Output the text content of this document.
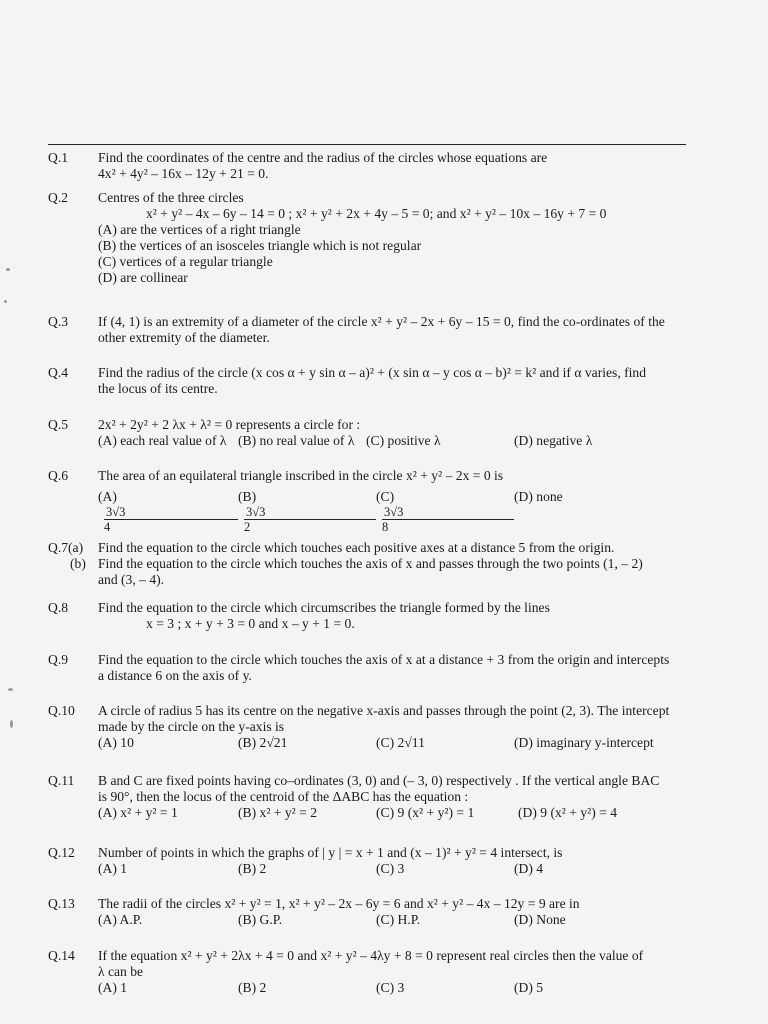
Q.1	Find the coordinates of the centre and the radius of the circles whose equations are
4x² + 4y² – 16x – 12y + 21 = 0.
Q.2	Centres of the three circles
x² + y² – 4x – 6y – 14 = 0 ; x² + y² + 2x + 4y – 5 = 0; and x² + y² – 10x – 16y + 7 = 0
(A) are the vertices of a right triangle
(B) the vertices of an isosceles triangle which is not regular
(C) vertices of a regular triangle
(D) are collinear
Q.3	If (4, 1) is an extremity of a diameter of the circle x² + y² – 2x + 6y – 15 = 0, find the co-ordinates of the
other extremity of the diameter.
Q.4	Find the radius of the circle (x cos α + y sin α – a)² + (x sin α – y cos α – b)² = k² and if α varies, find
the locus of its centre.
Q.5	2x² + 2y² + 2 λx + λ² = 0 represents a circle for :
(A) each real value of λ (B) no real value of λ (C) positive λ	(D) negative λ
Q.6	The area of an equilateral triangle inscribed in the circle x² + y² – 2x = 0 is
(A)
3√3
4
(B)
3√3
2
(C)
3√3
8
(D) none
Q.7(a)	Find the equation to the circle which touches each positive axes at a distance 5 from the origin.
(b) Find the equation to the circle which touches the axis of x and passes through the two points (1, – 2)
and (3, – 4).
Q.8	Find the equation to the circle which circumscribes the triangle formed by the lines
x = 3 ; x + y + 3 = 0 and x – y + 1 = 0.
Q.9	Find the equation to the circle which touches the axis of x at a distance + 3 from the origin and intercepts
a distance 6 on the axis of y.
Q.10	A circle of radius 5 has its centre on the negative x-axis and passes through the point (2, 3). The intercept
made by the circle on the y-axis is
(A) 10	(B) 2√21	(C) 2√11	(D) imaginary y-intercept
Q.11	B and C are fixed points having co–ordinates (3, 0) and (– 3, 0) respectively . If the vertical angle BAC
is 90°, then the locus of the centroid of the ΔABC has the equation :
(A) x² + y² = 1	(B) x² + y² = 2	(C) 9 (x² + y²) = 1	(D) 9 (x² + y²) = 4
Q.12	Number of points in which the graphs of | y | = x + 1 and (x – 1)² + y² = 4 intersect, is
(A) 1	(B) 2	(C) 3	(D) 4
Q.13	The radii of the circles x² + y² = 1, x² + y² – 2x – 6y = 6 and x² + y² – 4x – 12y = 9 are in
(A) A.P.	(B) G.P.	(C) H.P.	(D) None
Q.14	If the equation x² + y² + 2λx + 4 = 0 and x² + y² – 4λy + 8 = 0 represent real circles then the value of
λ can be
(A) 1	(B) 2	(C) 3	(D) 5
